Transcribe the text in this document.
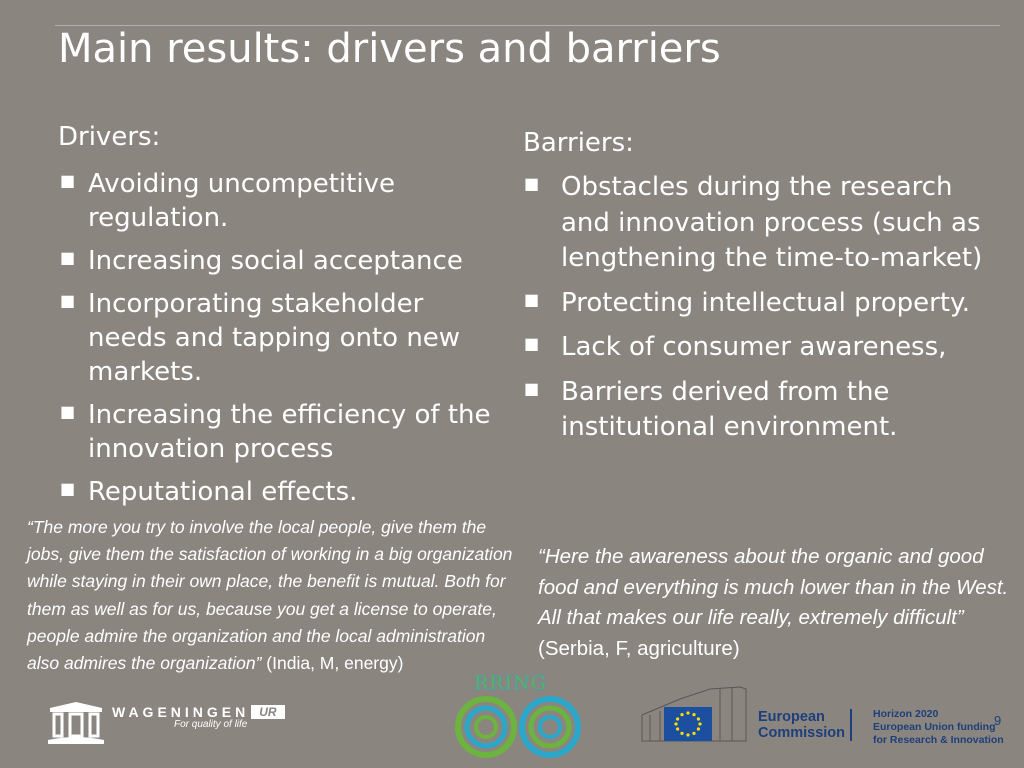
Main results: drivers and barriers
Drivers:
■ Avoiding uncompetitive regulation.
■ Increasing social acceptance
■ Incorporating stakeholder needs and tapping onto new markets.
■ Increasing the efficiency of the innovation process
■ Reputational effects.
“The more you try to involve the local people, give them the jobs, give them the satisfaction of working in a big organization while staying in their own place, the benefit is mutual. Both for them as well as for us, because you get a license to operate, people admire the organization and the local administration also admires the organization” (India, M, energy)
Barriers:
■ Obstacles during the research and innovation process (such as lengthening the time-to-market)
■ Protecting intellectual property.
■ Lack of consumer awareness,
■ Barriers derived from the institutional environment.
“Here the awareness about the organic and good food and everything is much lower than in the West. All that makes our life really, extremely difficult” (Serbia, F, agriculture)
WAGENINGEN UR
For quality of life
RRING
European
Commission
Horizon 2020
European Union funding
for Research & Innovation
9
